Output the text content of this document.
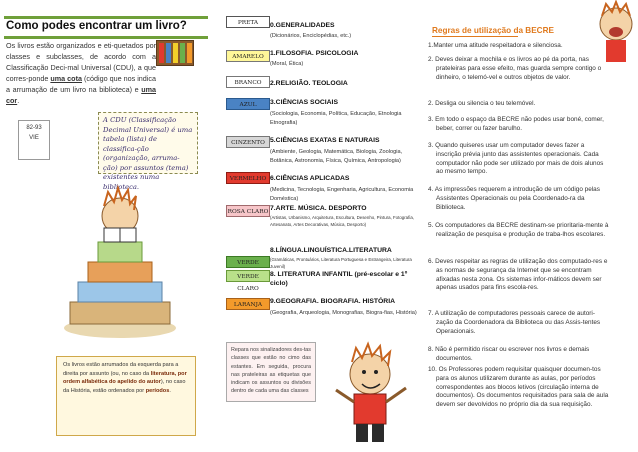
Como podes encontrar um livro?
Os livros estão organizados e eti-quetados por classes e subclasses, de acordo com a Classificação Deci-mal Universal (CDU), a que corres-ponde uma cota (código que nos indica a arrumação de um livro na biblioteca) e uma cor.
82-93
VIE
A CDU (Classificação Decimal Universal) é uma tabela (lista) de classifica-ção (organização, arruma-ção) por assuntos (tema) existentes numa biblioteca.
Os livros estão arrumados da esquerda para a direita por assunto (ou, no caso da literatura, por ordem alfabética do apelido do autor), no caso da História, estão ordenados por períodos.
PRETA	0.GENERALIDADES
(Dicionários, Enciclopédias, etc.)
AMARELO 1.FILOSOFIA. PSICOLOGIA
(Moral, Ética)
BRANCO	2.RELIGIÃO. TEOLOGIA
AZUL	3.CIÊNCIAS SOCIAIS
(Sociologia, Economia, Política, Educação, Etnologia Etnografia)
CINZENTO 5.CIÊNCIAS EXATAS E NATURAIS
(Ambiente, Geologia, Matemática, Biologia, Zoologia, Botânica, Astronomia, Física, Química, Antropologia)
VERMELHO 6.CIÊNCIAS APLICADAS
(Medicina, Tecnologia, Engenharia, Agricultura, Economia Doméstica)
ROSA CLARO 7.ARTE. MÚSICA. DESPORTO
(Artistas, Urbanismo, Arquitetura, Escultura, Desenho, Pintura, Fotografia, Artesanato, Artes Decorativas, Música, Desporto)
VERDE
8.LÍNGUA.LINGUÍSTICA.LITERATURA
(Gramáticas, Prontuários, Literatura Portuguesa e Estrangeira, Literatura Juvenil)
VERDE CLARO
8. LITERATURA INFANTIL (pré-escolar e 1º ciclo)
LARANJA	9.GEOGRAFIA. BIOGRAFIA. HISTÓRIA
(Geografia, Arqueologia, Monografias, Biogra-fias, História)
Repara nos sinalizadores des-tas classes que estão no cimo das estantes. Em seguida, procura nas prateleiras as etiquetas que indicam os assuntos ou divisões dentro de cada uma das classes
Regras de utilização da BECRE
1.Manter uma atitude respeitadora e silenciosa.
2. Deves deixar a mochila e os livros ao pé da porta, nas prateleiras para esse efeito, mas guarda sempre contigo o dinheiro, o telemó-vel e outros objetos de valor.
2. Desliga ou silencia o teu telemóvel.
3. Em todo o espaço da BECRE não podes usar boné, comer, beber, correr ou fazer barulho.
3. Quando quiseres usar um computador deves fazer a inscrição prévia junto das assistentes operacionais. Cada computador não pode ser utilizado por mais de dois alunos ao mesmo tempo.
4. As impressões requerem a introdução de um código pelas Assistentes Operacionais ou pela Coordenado-ra da Biblioteca.
5. Os computadores da BECRE destinam-se prioritaria-mente à realização de pesquisa e produção de traba-lhos escolares.
6. Deves respeitar as regras de utilização dos computado-res e as normas de segurança da Internet que se encontram afixadas nesta zona. Os sistemas infor-máticos devem ser apenas usados para fins escola-res.
7. A utilização de computadores pessoais carece de autori-zação da Coordenadora da Biblioteca ou das Assis-tentes Operacionais.
8. Não é permitido riscar ou escrever nos livros e demais documentos.
10. Os Professores podem requisitar quaisquer documen-tos para os alunos utilizarem durante as aulas, por períodos correspondentes aos blocos letivos (circulação interna de documentos). Os documentos requisitados para sala de aula devem ser devolvidos no próprio dia da sua requisição.
